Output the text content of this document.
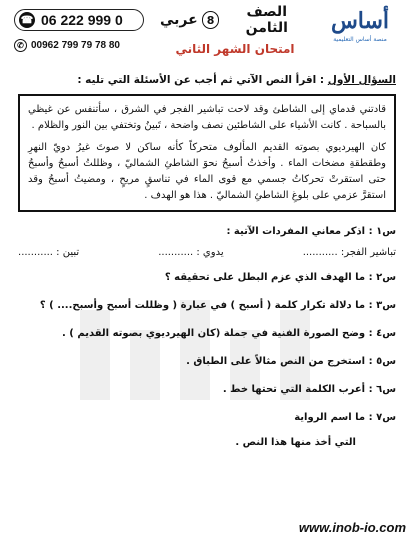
☎ 06 222 999 0
✆ 00962 799 79 78 80
الصف الثامن
8
عربي
امتحان الشهر الثاني
أساس
منصة أساس التعليمية
السؤال الأول : اقرأ النص الآتي ثم أجب عن الأسئلة التي تليه :

قادتني قدماي إلى الشاطئ وقد لاحت تباشير الفجر في الشرق ، سأتنفس عن غيظي بالسباحة . كانت الأشياء على الشاطئين نصف واضحة ، تَبينُ وتختفي بين النور والظلام .

كان الهيرديوي بصوته القديم المألوف متحركاً كأنه ساكن لا صوتَ غيرُ دويّ النهرِ وطقطقةِ مضخات الماء . وأخذتُ أسبحُ نحوَ الشاطئِ الشماليّ ، وظللتُ أسبحُ وأسبحُ حتى استقرتْ تحركاتُ جسمي مع قوى الماء في تناسقٍ مريحٍ ، ومضيتُ أسبحُ وقد استقرَّ عزمي على بلوغِ الشاطئِ الشماليّ . هذا هو الهدف .

س١ : اذكر معاني المفردات الآتية :

تباشير الفجر: ...........
يدوي : ...........
تبين : ...........

س٢ : ما الهدف الذي عزم البطل على تحقيقه ؟

س٣ : ما دلالة تكرار كلمة ( أسبح ) في عبارة ( وظللت أسبح وأسبح.... ) ؟

س٤ : وضح الصورة الفنية في جملة (كان الهيرديوي بصوته القديم ) .

س٥ : استخرج من النص مثالاً على الطباق .

س٦ : أعرب الكلمة التي تحتها خط .

س٧ : ما اسم الرواية

التي أخذ منها هذا النص .

www.inob-io.com
